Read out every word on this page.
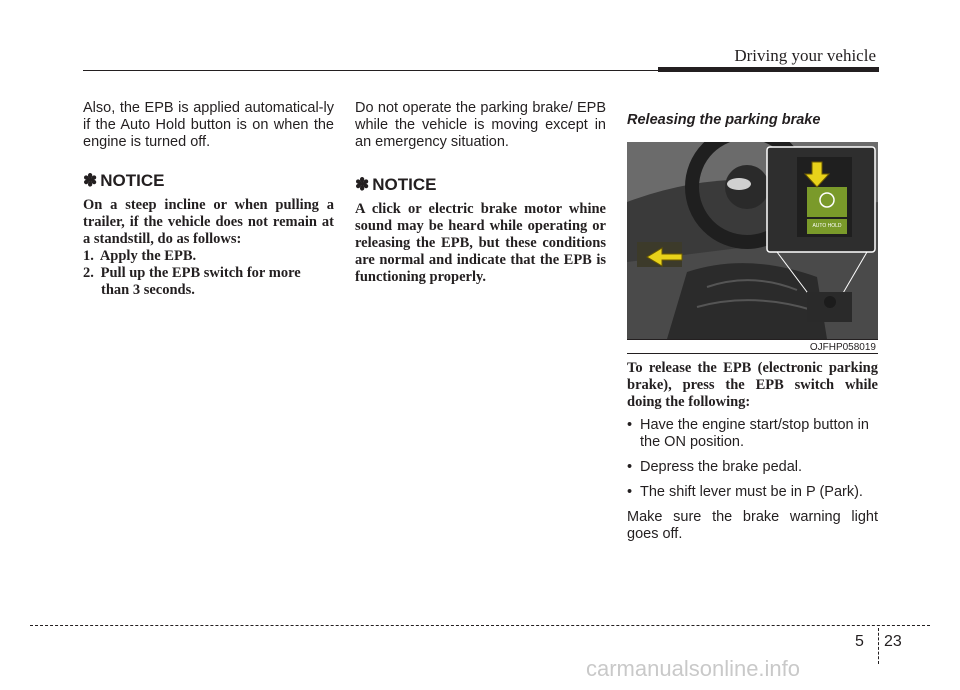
Driving your vehicle

Also, the EPB is applied automatical-ly if the Auto Hold button is on when the engine is turned off.

✽ NOTICE

On a steep incline or when pulling a trailer, if the vehicle does not remain at a standstill, do as follows:

1. Apply the EPB.
2. Pull up the EPB switch for more
than 3 seconds.

Do not operate the parking brake/ EPB while the vehicle is moving except in an emergency situation.

✽ NOTICE

A click or electric brake motor whine sound may be heard while operating or releasing the EPB, but these conditions are normal and indicate that the EPB is functioning properly.

Releasing the parking brake
AUTO HOLD
OJFHP058019

To release the EPB (electronic parking brake), press the EPB switch while doing the following:

• Have the engine start/stop button in the ON position.
• Depress the brake pedal.
• The shift lever must be in P (Park).

Make sure the brake warning light goes off.

5 23
carmanualsonline.info
